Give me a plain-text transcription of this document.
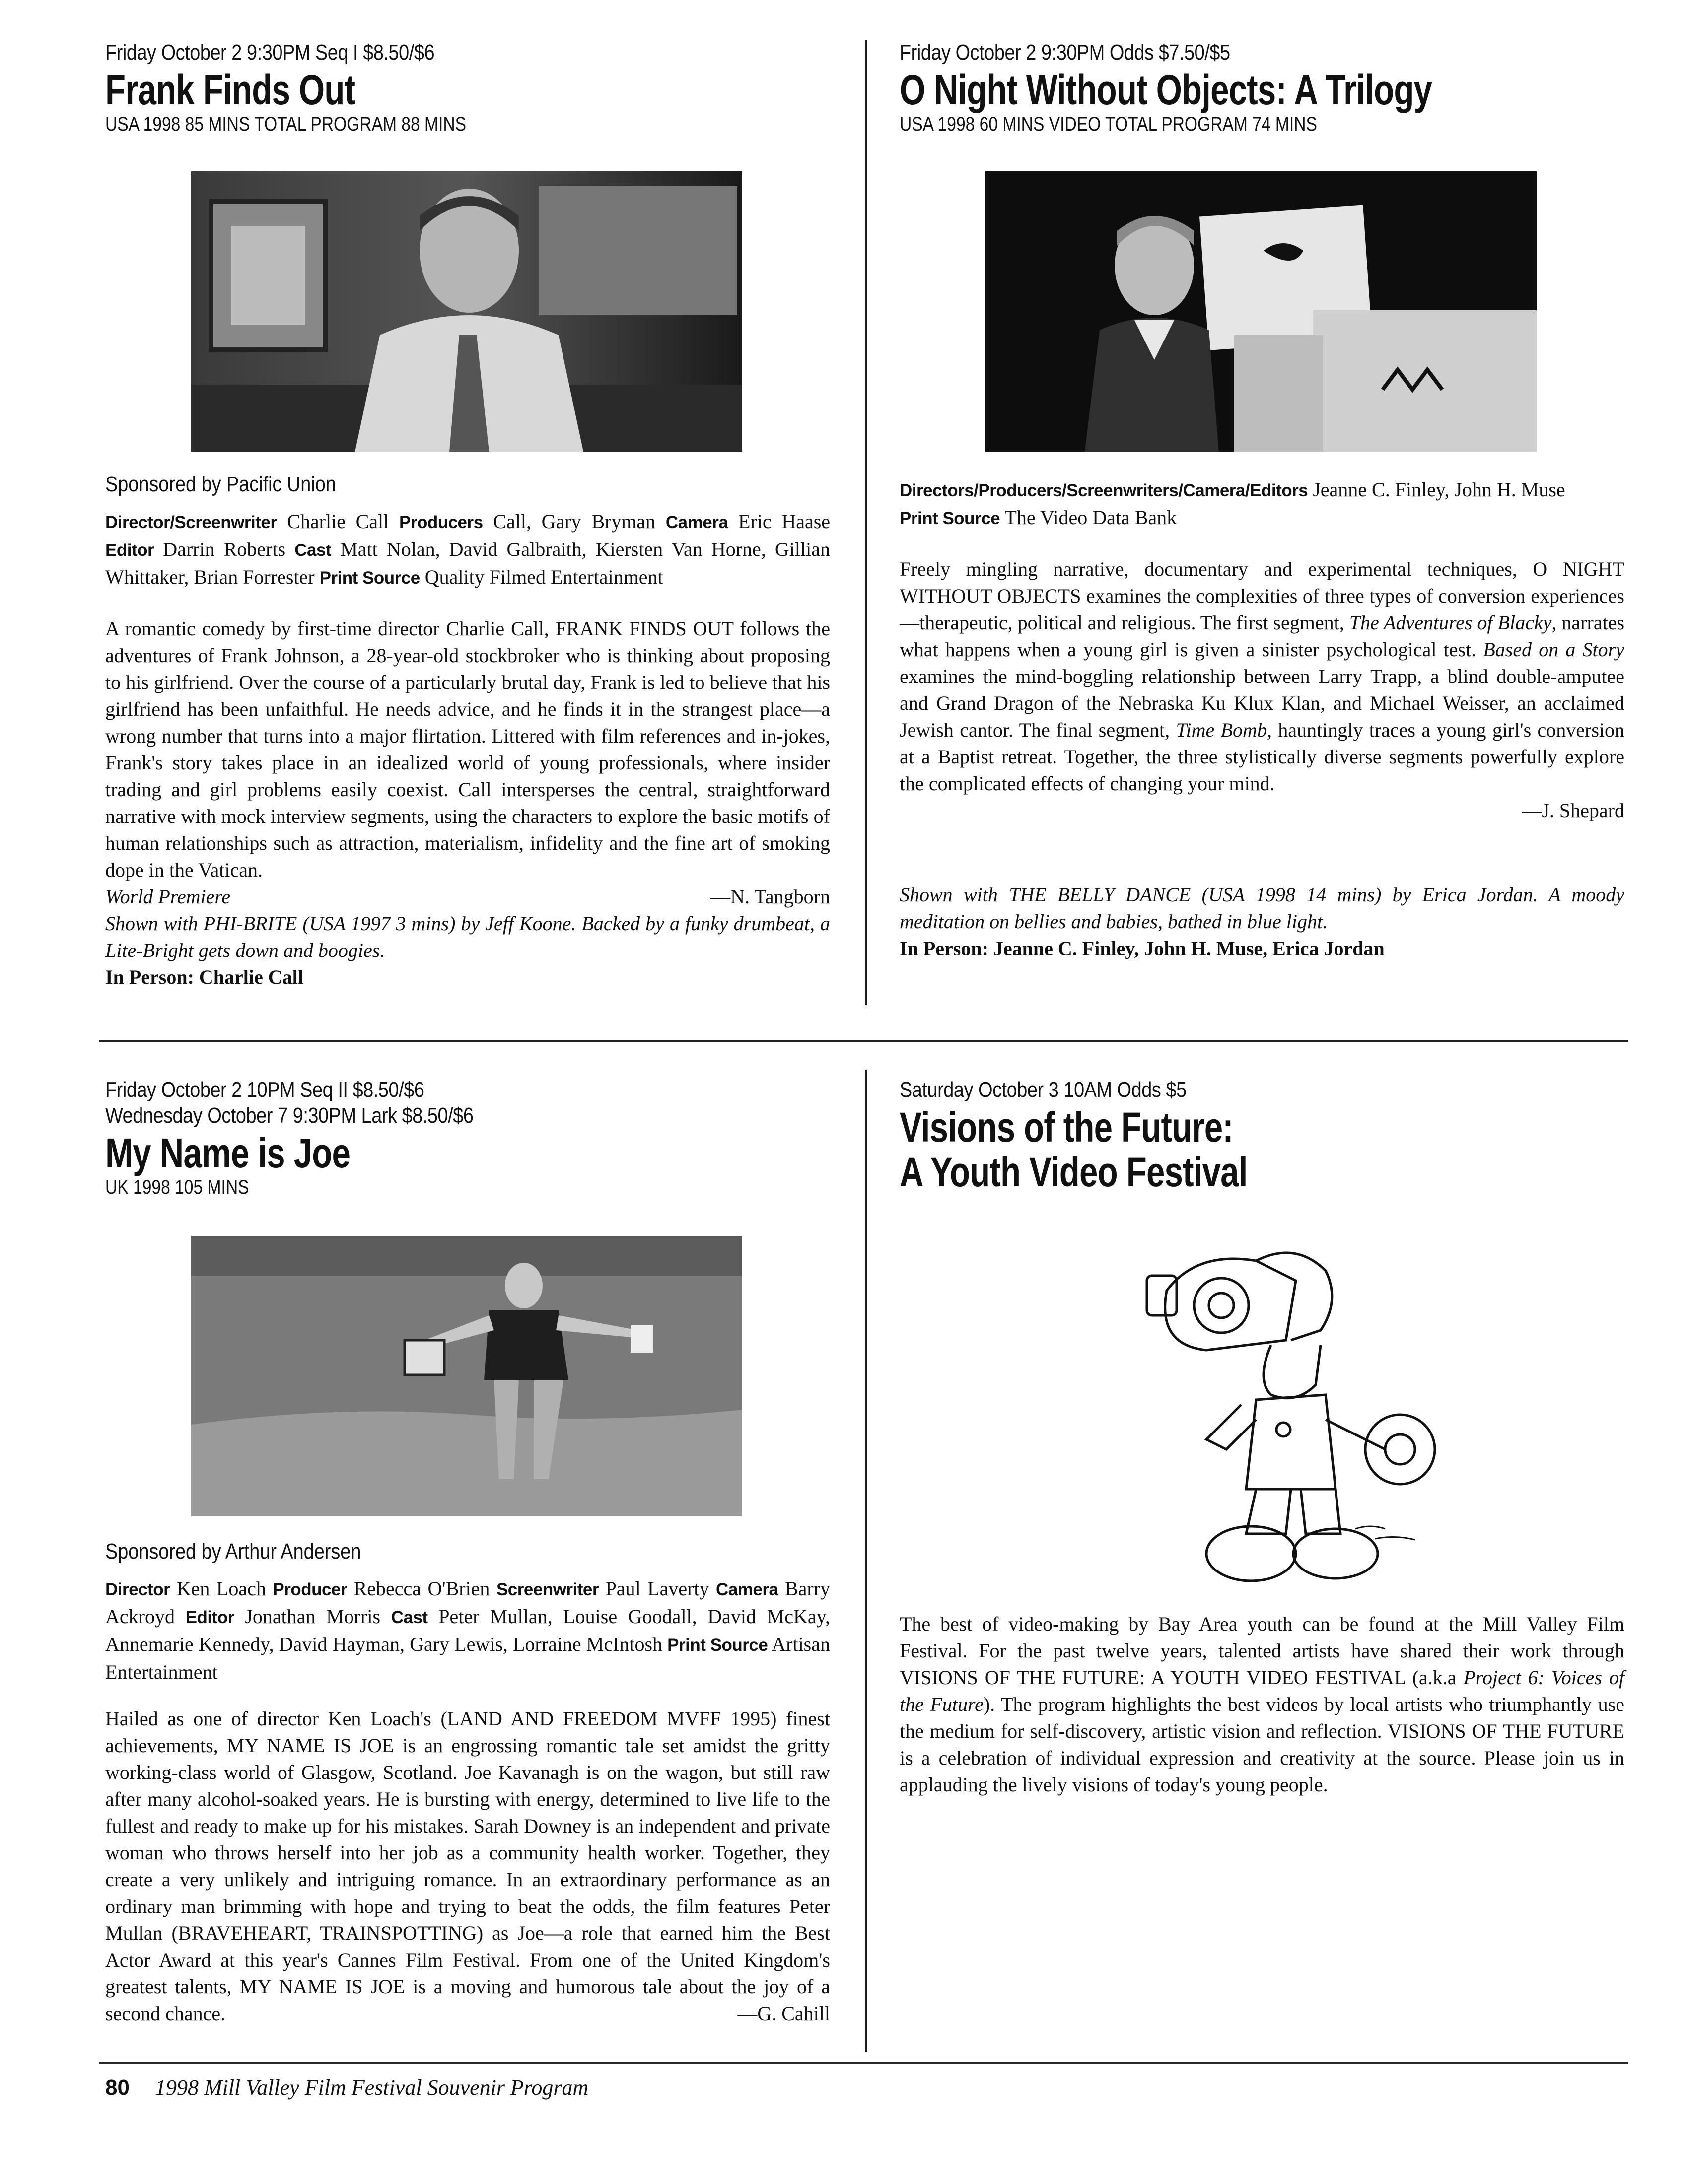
Friday October 2 9:30PM Seq I $8.50/$6
Frank Finds Out
USA 1998 85 MINS TOTAL PROGRAM 88 MINS
Sponsored by Pacific Union
Director/Screenwriter Charlie Call Producers Call, Gary Bryman Camera Eric Haase Editor Darrin Roberts Cast Matt Nolan, David Galbraith, Kiersten Van Horne, Gillian Whittaker, Brian Forrester Print Source Quality Filmed Entertainment
A romantic comedy by first-time director Charlie Call, FRANK FINDS OUT follows the adventures of Frank Johnson, a 28-year-old stockbroker who is thinking about proposing to his girlfriend. Over the course of a particularly brutal day, Frank is led to believe that his girlfriend has been unfaithful. He needs advice, and he finds it in the strangest place—a wrong number that turns into a major flirtation. Littered with film references and in-jokes, Frank's story takes place in an idealized world of young professionals, where insider trading and girl problems easily coexist. Call intersperses the central, straightforward narrative with mock interview segments, using the characters to explore the basic motifs of human relationships such as attraction, materialism, infidelity and the fine art of smoking dope in the Vatican.
World Premiere	—N. Tangborn
Shown with PHI-BRITE (USA 1997 3 mins) by Jeff Koone. Backed by a funky drumbeat, a Lite-Bright gets down and boogies.
In Person: Charlie Call
Friday October 2 9:30PM Odds $7.50/$5
O Night Without Objects: A Trilogy
USA 1998 60 MINS VIDEO TOTAL PROGRAM 74 MINS
Directors/Producers/Screenwriters/Camera/Editors Jeanne C. Finley, John H. Muse
Print Source The Video Data Bank
Freely mingling narrative, documentary and experimental techniques, O NIGHT WITHOUT OBJECTS examines the complexities of three types of conversion experiences—therapeutic, political and religious. The first segment, The Adventures of Blacky, narrates what happens when a young girl is given a sinister psychological test. Based on a Story examines the mind-boggling relationship between Larry Trapp, a blind double-amputee and Grand Dragon of the Nebraska Ku Klux Klan, and Michael Weisser, an acclaimed Jewish cantor. The final segment, Time Bomb, hauntingly traces a young girl's conversion at a Baptist retreat. Together, the three stylistically diverse segments powerfully explore the complicated effects of changing your mind.
—J. Shepard
Shown with THE BELLY DANCE (USA 1998 14 mins) by Erica Jordan. A moody meditation on bellies and babies, bathed in blue light.
In Person: Jeanne C. Finley, John H. Muse, Erica Jordan
Friday October 2 10PM Seq II $8.50/$6
Wednesday October 7 9:30PM Lark $8.50/$6
My Name is Joe
UK 1998 105 MINS
Sponsored by Arthur Andersen
Director Ken Loach Producer Rebecca O'Brien Screenwriter Paul Laverty Camera Barry Ackroyd Editor Jonathan Morris Cast Peter Mullan, Louise Goodall, David McKay, Annemarie Kennedy, David Hayman, Gary Lewis, Lorraine McIntosh Print Source Artisan Entertainment
Hailed as one of director Ken Loach's (LAND AND FREEDOM MVFF 1995) finest achievements, MY NAME IS JOE is an engrossing romantic tale set amidst the gritty working-class world of Glasgow, Scotland. Joe Kavanagh is on the wagon, but still raw after many alcohol-soaked years. He is bursting with energy, determined to live life to the fullest and ready to make up for his mistakes. Sarah Downey is an independent and private woman who throws herself into her job as a community health worker. Together, they create a very unlikely and intriguing romance. In an extraordinary performance as an ordinary man brimming with hope and trying to beat the odds, the film features Peter Mullan (BRAVEHEART, TRAINSPOTTING) as Joe—a role that earned him the Best Actor Award at this year's Cannes Film Festival. From one of the United Kingdom's greatest talents, MY NAME IS JOE is a moving and humorous tale about the joy of a second chance.	—G. Cahill
Saturday October 3 10AM Odds $5
Visions of the Future:
A Youth Video Festival
The best of video-making by Bay Area youth can be found at the Mill Valley Film Festival. For the past twelve years, talented artists have shared their work through VISIONS OF THE FUTURE: A YOUTH VIDEO FESTIVAL (a.k.a Project 6: Voices of the Future). The program highlights the best videos by local artists who triumphantly use the medium for self-discovery, artistic vision and reflection. VISIONS OF THE FUTURE is a celebration of individual expression and creativity at the source. Please join us in applauding the lively visions of today's young people.
80 1998 Mill Valley Film Festival Souvenir Program
